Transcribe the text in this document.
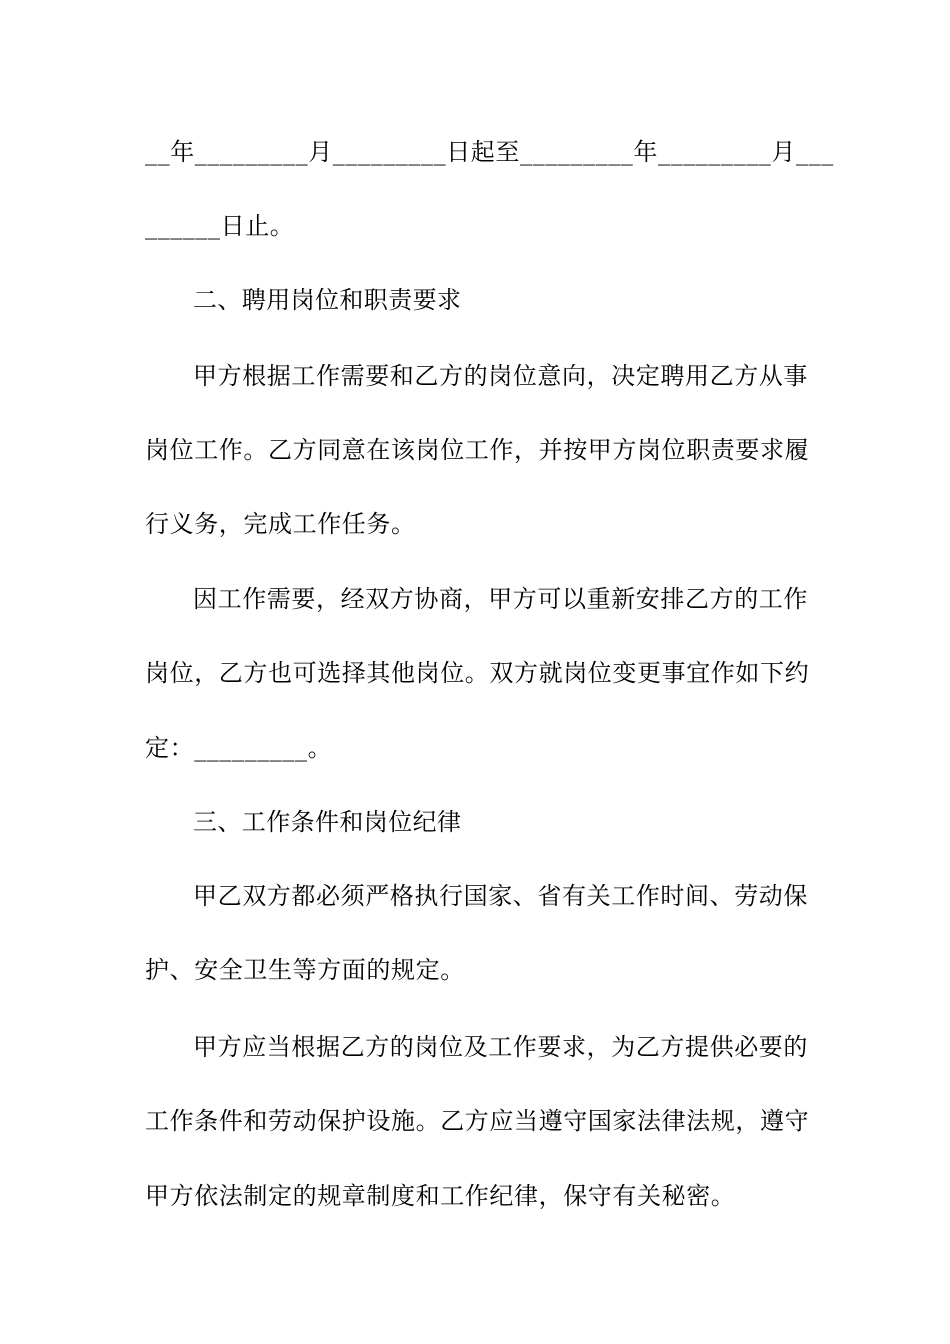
__年_________月_________日起至_________年_________月___
______日止。
二、聘用岗位和职责要求
甲方根据工作需要和乙方的岗位意向，决定聘用乙方从事
岗位工作。乙方同意在该岗位工作，并按甲方岗位职责要求履
行义务，完成工作任务。
因工作需要，经双方协商，甲方可以重新安排乙方的工作
岗位，乙方也可选择其他岗位。双方就岗位变更事宜作如下约
定：_________。
三、工作条件和岗位纪律
甲乙双方都必须严格执行国家、省有关工作时间、劳动保
护、安全卫生等方面的规定。
甲方应当根据乙方的岗位及工作要求，为乙方提供必要的
工作条件和劳动保护设施。乙方应当遵守国家法律法规，遵守
甲方依法制定的规章制度和工作纪律，保守有关秘密。
